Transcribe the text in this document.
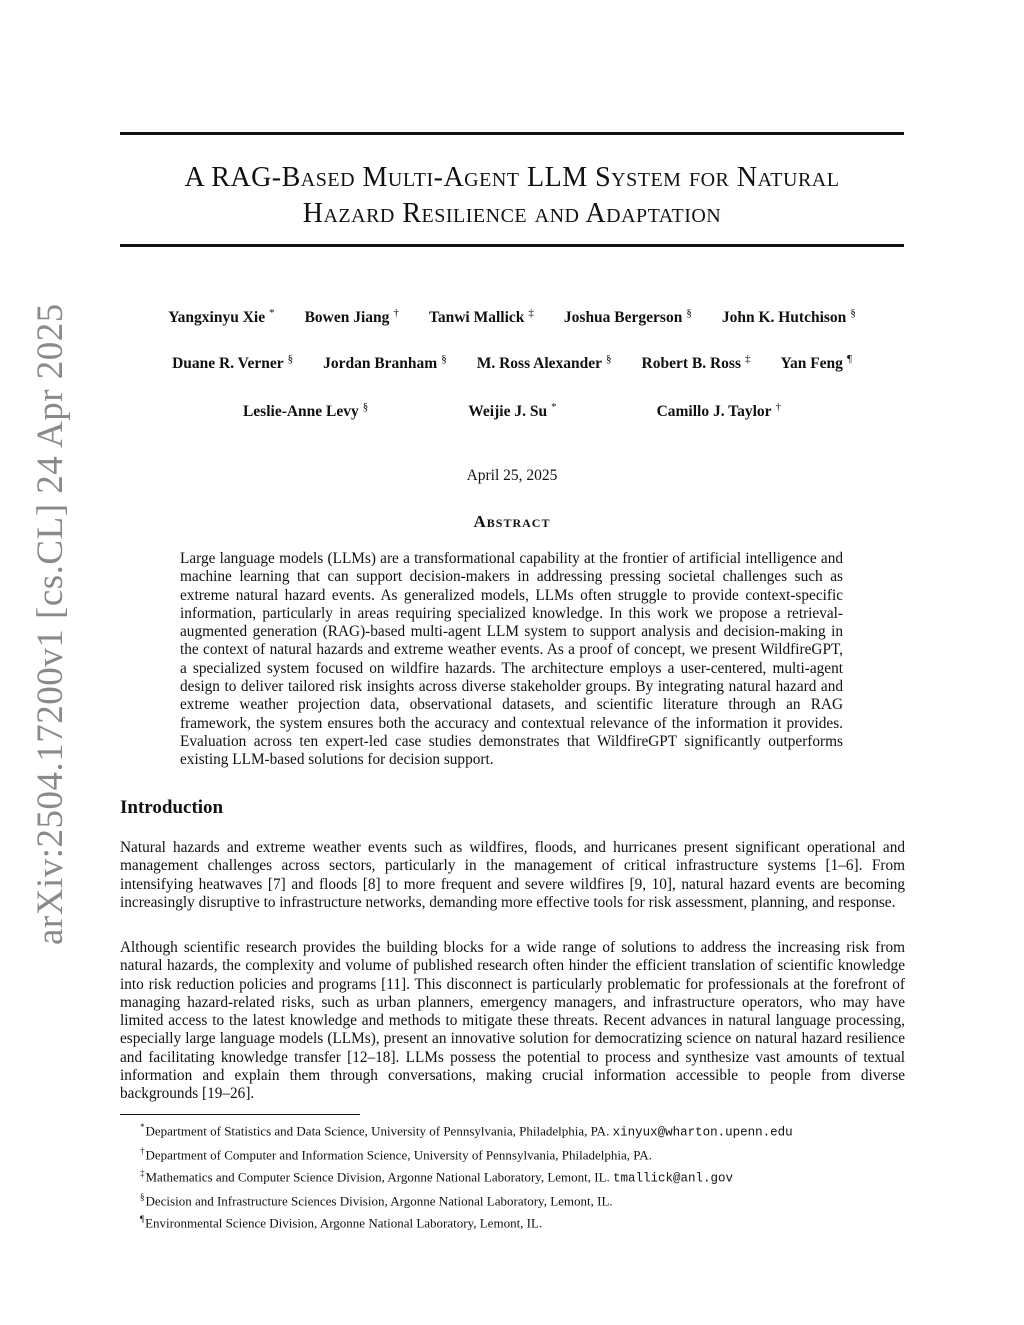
arXiv:2504.17200v1 [cs.CL] 24 Apr 2025
A RAG-Based Multi-Agent LLM System for Natural
Hazard Resilience and Adaptation
Yangxinyu Xie * Bowen Jiang † Tanwi Mallick ‡ Joshua Bergerson § John K. Hutchison §
Duane R. Verner § Jordan Branham § M. Ross Alexander § Robert B. Ross ‡ Yan Feng ¶
Leslie-Anne Levy §	Weijie J. Su *	Camillo J. Taylor †
April 25, 2025
Abstract
Large language models (LLMs) are a transformational capability at the frontier of artificial intelligence and machine learning that can support decision-makers in addressing pressing societal challenges such as extreme natural hazard events. As generalized models, LLMs often struggle to provide context-specific information, particularly in areas requiring specialized knowledge. In this work we propose a retrieval-augmented generation (RAG)-based multi-agent LLM system to support analysis and decision-making in the context of natural hazards and extreme weather events. As a proof of concept, we present WildfireGPT, a specialized system focused on wildfire hazards. The architecture employs a user-centered, multi-agent design to deliver tailored risk insights across diverse stakeholder groups. By integrating natural hazard and extreme weather projection data, observational datasets, and scientific literature through an RAG framework, the system ensures both the accuracy and contextual relevance of the information it provides. Evaluation across ten expert-led case studies demonstrates that WildfireGPT significantly outperforms existing LLM-based solutions for decision support.
Introduction
Natural hazards and extreme weather events such as wildfires, floods, and hurricanes present significant operational and management challenges across sectors, particularly in the management of critical infrastructure systems [1–6]. From intensifying heatwaves [7] and floods [8] to more frequent and severe wildfires [9, 10], natural hazard events are becoming increasingly disruptive to infrastructure networks, demanding more effective tools for risk assessment, planning, and response.
Although scientific research provides the building blocks for a wide range of solutions to address the increasing risk from natural hazards, the complexity and volume of published research often hinder the efficient translation of scientific knowledge into risk reduction policies and programs [11]. This disconnect is particularly problematic for professionals at the forefront of managing hazard-related risks, such as urban planners, emergency managers, and infrastructure operators, who may have limited access to the latest knowledge and methods to mitigate these threats. Recent advances in natural language processing, especially large language models (LLMs), present an innovative solution for democratizing science on natural hazard resilience and facilitating knowledge transfer [12–18]. LLMs possess the potential to process and synthesize vast amounts of textual information and explain them through conversations, making crucial information accessible to people from diverse backgrounds [19–26].
*Department of Statistics and Data Science, University of Pennsylvania, Philadelphia, PA. xinyux@wharton.upenn.edu
†Department of Computer and Information Science, University of Pennsylvania, Philadelphia, PA.
‡Mathematics and Computer Science Division, Argonne National Laboratory, Lemont, IL. tmallick@anl.gov
§Decision and Infrastructure Sciences Division, Argonne National Laboratory, Lemont, IL.
¶Environmental Science Division, Argonne National Laboratory, Lemont, IL.
